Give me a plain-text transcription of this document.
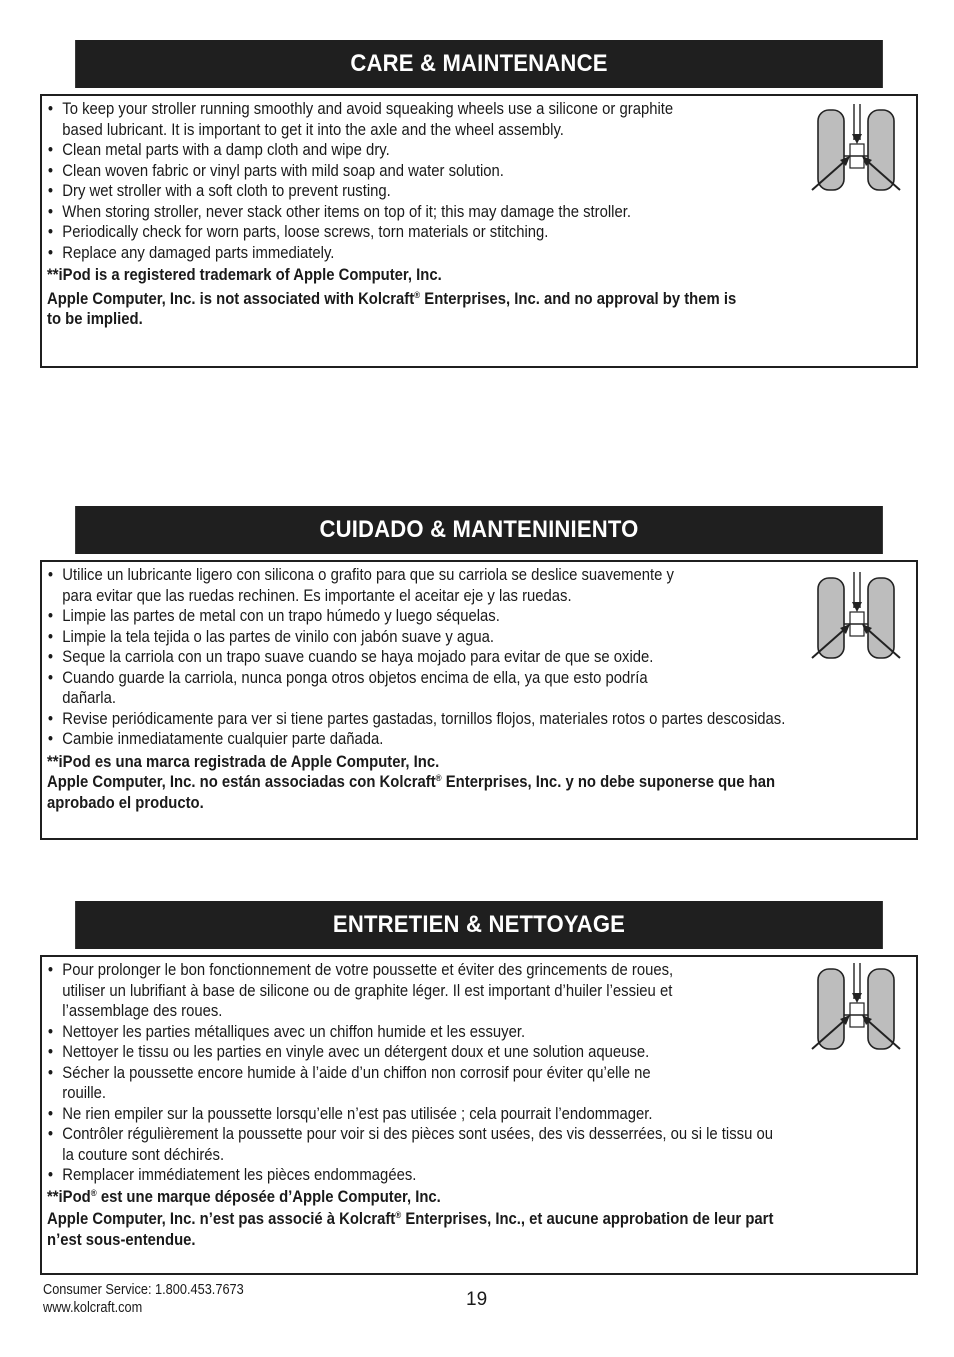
CARE & MAINTENANCE
• To keep your stroller running smoothly and avoid squeaking wheels use a silicone or graphite
based lubricant. It is important to get it into the axle and the wheel assembly.
• Clean metal parts with a damp cloth and wipe dry.
• Clean woven fabric or vinyl parts with mild soap and water solution.
• Dry wet stroller with a soft cloth to prevent rusting.
• When storing stroller, never stack other items on top of it; this may damage the stroller.
• Periodically check for worn parts, loose screws, torn materials or stitching.
• Replace any damaged parts immediately.
**iPod is a registered trademark of Apple Computer, Inc.
Apple Computer, Inc. is not associated with Kolcraft® Enterprises, Inc. and no approval by them is
to be implied.
CUIDADO & MANTENINIENTO
• Utilice un lubricante ligero con silicona o grafito para que su carriola se deslice suavemente y
para evitar que las ruedas rechinen. Es importante el aceitar eje y las ruedas.
• Limpie las partes de metal con un trapo húmedo y luego séquelas.
• Limpie la tela tejida o las partes de vinilo con jabón suave y agua.
• Seque la carriola con un trapo suave cuando se haya mojado para evitar de que se oxide.
• Cuando guarde la carriola, nunca ponga otros objetos encima de ella, ya que esto podría
dañarla.
• Revise periódicamente para ver si tiene partes gastadas, tornillos flojos, materiales rotos o partes descosidas.
• Cambie inmediatamente cualquier parte dañada.
**iPod es una marca registrada de Apple Computer, Inc.
Apple Computer, Inc. no están associadas con Kolcraft® Enterprises, Inc. y no debe suponerse que han
aprobado el producto.
ENTRETIEN & NETTOYAGE
• Pour prolonger le bon fonctionnement de votre poussette et éviter des grincements de roues,
utiliser un lubrifiant à base de silicone ou de graphite léger. Il est important d’huiler l’essieu et
l’assemblage des roues.
• Nettoyer les parties métalliques avec un chiffon humide et les essuyer.
• Nettoyer le tissu ou les parties en vinyle avec un détergent doux et une solution aqueuse.
• Sécher la poussette encore humide à l’aide d’un chiffon non corrosif pour éviter qu’elle ne
rouille.
• Ne rien empiler sur la poussette lorsqu’elle n’est pas utilisée ; cela pourrait l’endommager.
• Contrôler régulièrement la poussette pour voir si des pièces sont usées, des vis desserrées, ou si le tissu ou
la couture sont déchirés.
• Remplacer immédiatement les pièces endommagées.
**iPod® est une marque déposée d’Apple Computer, Inc.
Apple Computer, Inc. n’est pas associé à Kolcraft® Enterprises, Inc., et aucune approbation de leur part
n’est sous-entendue.
Consumer Service: 1.800.453.7673
www.kolcraft.com	19
